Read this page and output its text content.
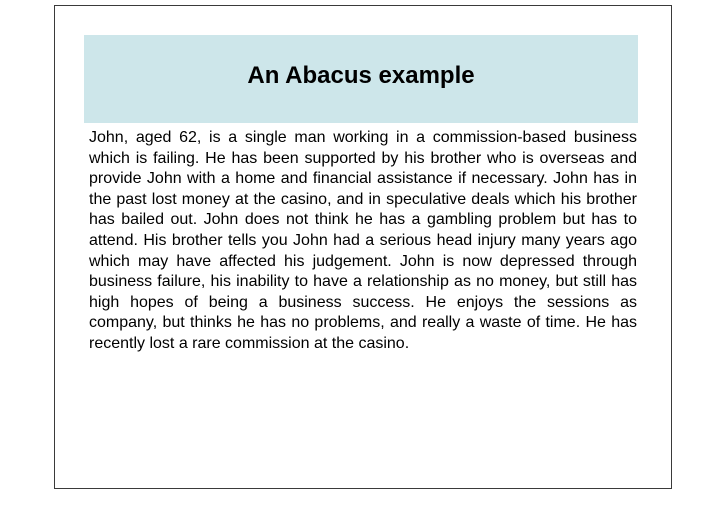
An Abacus example

John, aged 62, is a single man working in a commission-based business which is failing. He has been supported by his brother who is overseas and provide John with a home and financial assistance if necessary. John has in the past lost money at the casino, and in speculative deals which his brother has bailed out. John does not think he has a gambling problem but has to attend. His brother tells you John had a serious head injury many years ago which may have affected his judgement. John is now depressed through business failure, his inability to have a relationship as no money, but still has high hopes of being a business success. He enjoys the sessions as company, but thinks he has no problems, and really a waste of time. He has recently lost a rare commission at the casino.
